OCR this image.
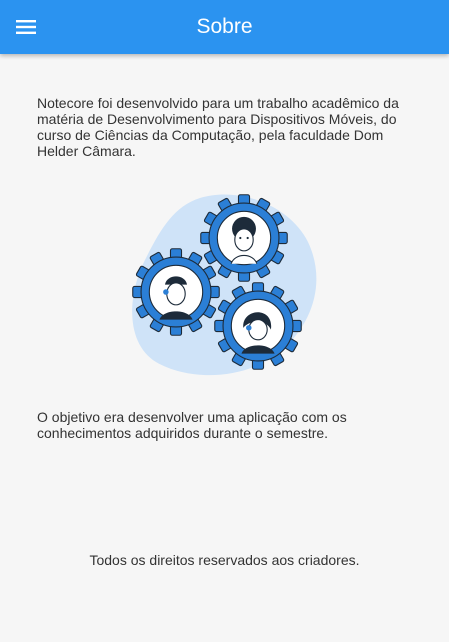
Sobre

Notecore foi desenvolvido para um trabalho acadêmico da matéria de Desenvolvimento para Dispositivos Móveis, do curso de Ciências da Computação, pela faculdade Dom Helder Câmara.

O objetivo era desenvolver uma aplicação com os conhecimentos adquiridos durante o semestre.

Todos os direitos reservados aos criadores.
